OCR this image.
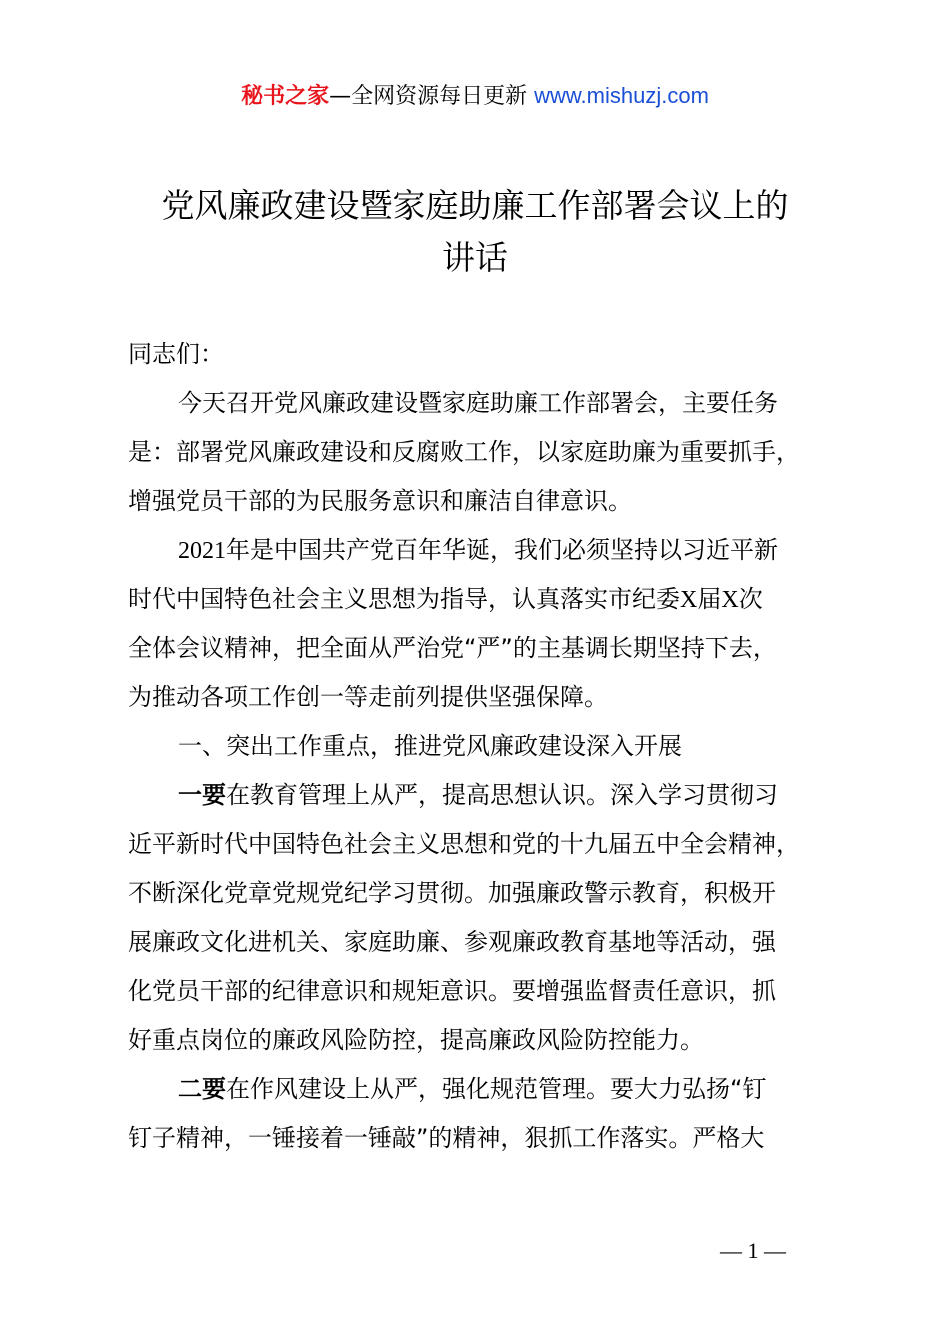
秘书之家—全网资源每日更新 www.mishuzj.com
党风廉政建设暨家庭助廉工作部署会议上的
讲话
同志们：
今天召开党风廉政建设暨家庭助廉工作部署会，主要任务
是：部署党风廉政建设和反腐败工作，以家庭助廉为重要抓手，
增强党员干部的为民服务意识和廉洁自律意识。
2021年是中国共产党百年华诞，我们必须坚持以习近平新
时代中国特色社会主义思想为指导，认真落实市纪委X届X次
全体会议精神，把全面从严治党“严”的主基调长期坚持下去，
为推动各项工作创一等走前列提供坚强保障。
一、突出工作重点，推进党风廉政建设深入开展
一要在教育管理上从严，提高思想认识。深入学习贯彻习
近平新时代中国特色社会主义思想和党的十九届五中全会精神，
不断深化党章党规党纪学习贯彻。加强廉政警示教育，积极开
展廉政文化进机关、家庭助廉、参观廉政教育基地等活动，强
化党员干部的纪律意识和规矩意识。要增强监督责任意识，抓
好重点岗位的廉政风险防控，提高廉政风险防控能力。
二要在作风建设上从严，强化规范管理。要大力弘扬“钉
钉子精神，一锤接着一锤敲”的精神，狠抓工作落实。严格大
— 1 —
